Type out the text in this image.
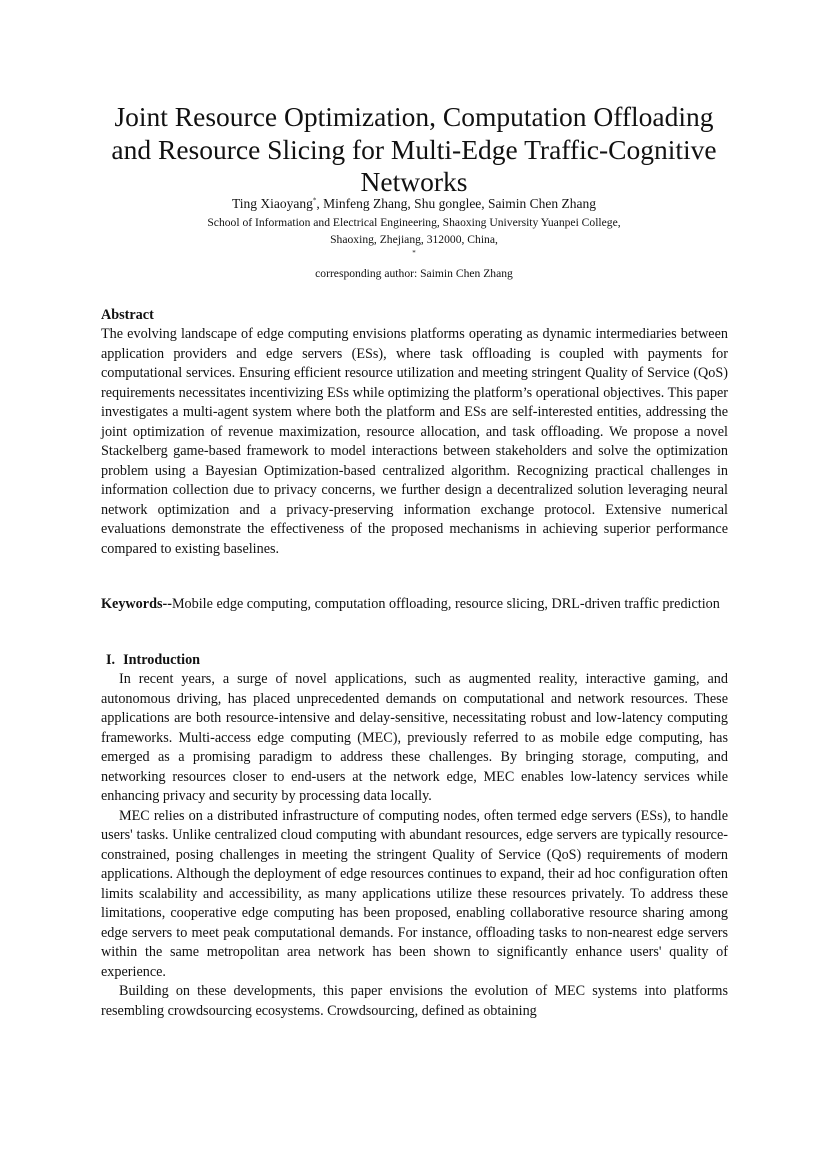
Joint Resource Optimization, Computation Offloading
and Resource Slicing for Multi-Edge Traffic-Cognitive
Networks
Ting Xiaoyang*, Minfeng Zhang, Shu gonglee, Saimin Chen Zhang
School of Information and Electrical Engineering, Shaoxing University Yuanpei College,
Shaoxing, Zhejiang, 312000, China,
*
corresponding author: Saimin Chen Zhang
Abstract

The evolving landscape of edge computing envisions platforms operating as dynamic intermediaries between application providers and edge servers (ESs), where task offloading is coupled with payments for computational services. Ensuring efficient resource utilization and meeting stringent Quality of Service (QoS) requirements necessitates incentivizing ESs while optimizing the platform’s operational objectives. This paper investigates a multi-agent system where both the platform and ESs are self-interested entities, addressing the joint optimization of revenue maximization, resource allocation, and task offloading. We propose a novel Stackelberg game-based framework to model interactions between stakeholders and solve the optimization problem using a Bayesian Optimization-based centralized algorithm. Recognizing practical challenges in information collection due to privacy concerns, we further design a decentralized solution leveraging neural network optimization and a privacy-preserving information exchange protocol. Extensive numerical evaluations demonstrate the effectiveness of the proposed mechanisms in achieving superior performance compared to existing baselines.

Keywords--Mobile edge computing, computation offloading, resource slicing, DRL-driven traffic prediction

I. Introduction

In recent years, a surge of novel applications, such as augmented reality, interactive gaming, and autonomous driving, has placed unprecedented demands on computational and network resources. These applications are both resource-intensive and delay-sensitive, necessitating robust and low-latency computing frameworks. Multi-access edge computing (MEC), previously referred to as mobile edge computing, has emerged as a promising paradigm to address these challenges. By bringing storage, computing, and networking resources closer to end-users at the network edge, MEC enables low-latency services while enhancing privacy and security by processing data locally.

MEC relies on a distributed infrastructure of computing nodes, often termed edge servers (ESs), to handle users' tasks. Unlike centralized cloud computing with abundant resources, edge servers are typically resource-constrained, posing challenges in meeting the stringent Quality of Service (QoS) requirements of modern applications. Although the deployment of edge resources continues to expand, their ad hoc configuration often limits scalability and accessibility, as many applications utilize these resources privately. To address these limitations, cooperative edge computing has been proposed, enabling collaborative resource sharing among edge servers to meet peak computational demands. For instance, offloading tasks to non-nearest edge servers within the same metropolitan area network has been shown to significantly enhance users' quality of experience.

Building on these developments, this paper envisions the evolution of MEC systems into platforms resembling crowdsourcing ecosystems. Crowdsourcing, defined as obtaining
